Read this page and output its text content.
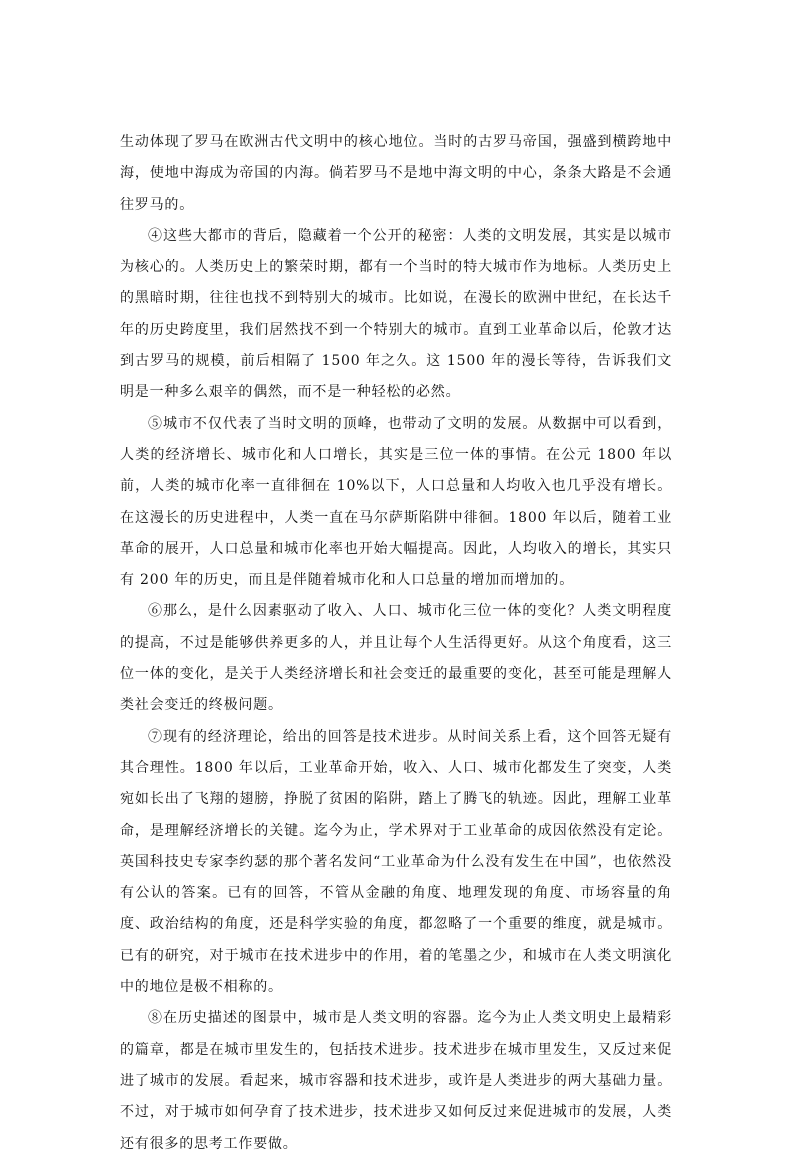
生动体现了罗马在欧洲古代文明中的核心地位。当时的古罗马帝国，强盛到横跨地中海，使地中海成为帝国的内海。倘若罗马不是地中海文明的中心，条条大路是不会通往罗马的。

④这些大都市的背后，隐藏着一个公开的秘密：人类的文明发展，其实是以城市为核心的。人类历史上的繁荣时期，都有一个当时的特大城市作为地标。人类历史上的黑暗时期，往往也找不到特别大的城市。比如说，在漫长的欧洲中世纪，在长达千年的历史跨度里，我们居然找不到一个特别大的城市。直到工业革命以后，伦敦才达到古罗马的规模，前后相隔了 1500 年之久。这 1500 年的漫长等待，告诉我们文明是一种多么艰辛的偶然，而不是一种轻松的必然。

⑤城市不仅代表了当时文明的顶峰，也带动了文明的发展。从数据中可以看到，人类的经济增长、城市化和人口增长，其实是三位一体的事情。在公元 1800 年以前，人类的城市化率一直徘徊在 10%以下，人口总量和人均收入也几乎没有增长。在这漫长的历史进程中，人类一直在马尔萨斯陷阱中徘徊。1800 年以后，随着工业革命的展开，人口总量和城市化率也开始大幅提高。因此，人均收入的增长，其实只有 200 年的历史，而且是伴随着城市化和人口总量的增加而增加的。

⑥那么，是什么因素驱动了收入、人口、城市化三位一体的变化？人类文明程度的提高，不过是能够供养更多的人，并且让每个人生活得更好。从这个角度看，这三位一体的变化，是关于人类经济增长和社会变迁的最重要的变化，甚至可能是理解人类社会变迁的终极问题。

⑦现有的经济理论，给出的回答是技术进步。从时间关系上看，这个回答无疑有其合理性。1800 年以后，工业革命开始，收入、人口、城市化都发生了突变，人类宛如长出了飞翔的翅膀，挣脱了贫困的陷阱，踏上了腾飞的轨迹。因此，理解工业革命，是理解经济增长的关键。迄今为止，学术界对于工业革命的成因依然没有定论。英国科技史专家李约瑟的那个著名发问“工业革命为什么没有发生在中国”，也依然没有公认的答案。已有的回答，不管从金融的角度、地理发现的角度、市场容量的角度、政治结构的角度，还是科学实验的角度，都忽略了一个重要的维度，就是城市。已有的研究，对于城市在技术进步中的作用，着的笔墨之少，和城市在人类文明演化中的地位是极不相称的。

⑧在历史描述的图景中，城市是人类文明的容器。迄今为止人类文明史上最精彩的篇章，都是在城市里发生的，包括技术进步。技术进步在城市里发生，又反过来促进了城市的发展。看起来，城市容器和技术进步，或许是人类进步的两大基础力量。不过，对于城市如何孕育了技术进步，技术进步又如何反过来促进城市的发展，人类还有很多的思考工作要做。
